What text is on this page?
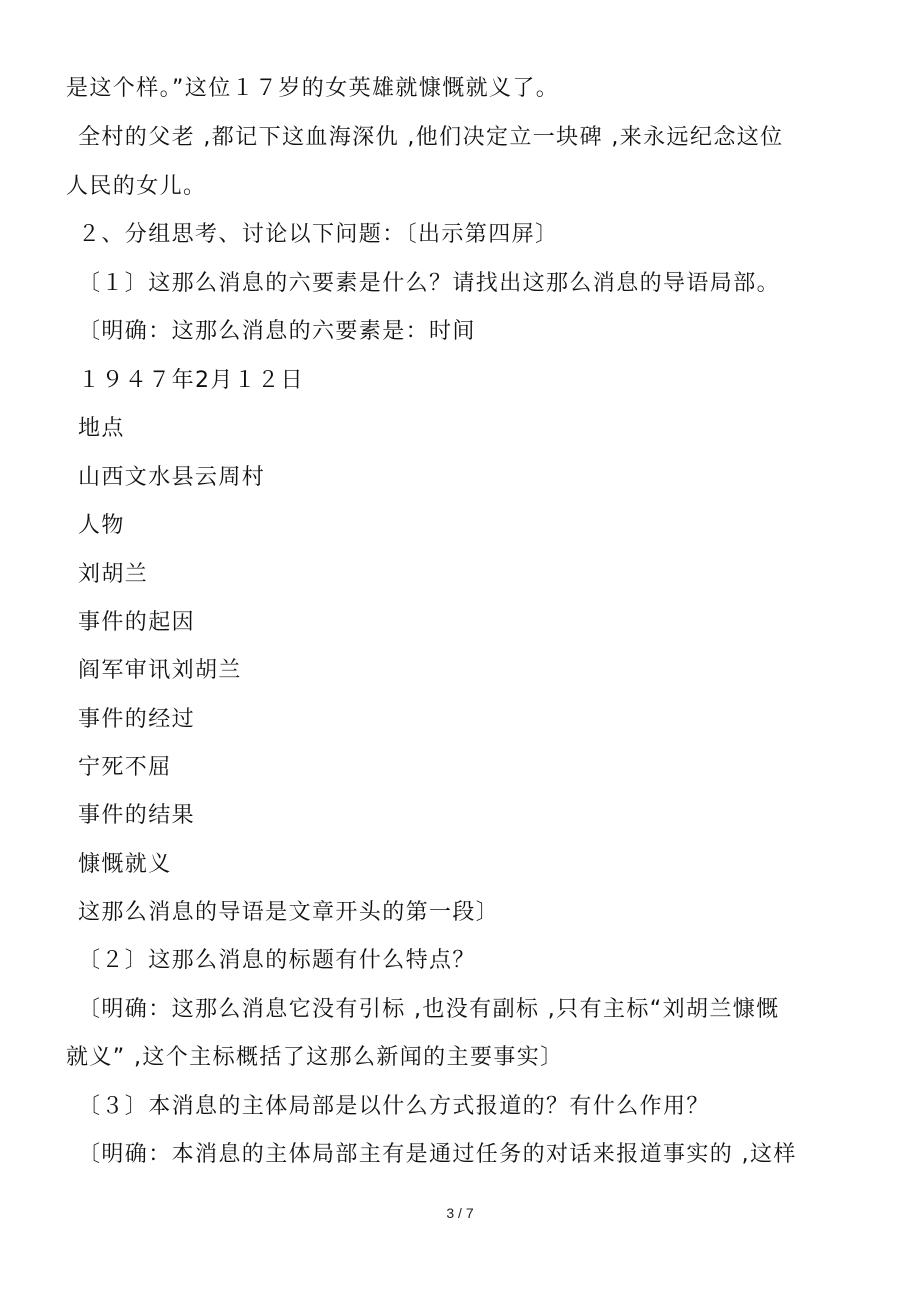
是这个样。”这位１７岁的女英雄就慷慨就义了。
全村的父老 ,都记下这血海深仇 ,他们决定立一块碑 ,来永远纪念这位
人民的女儿。
２、分组思考、讨论以下问题：〔出示第四屏〕
〔１〕这那么消息的六要素是什么？请找出这那么消息的导语局部。
〔明确：这那么消息的六要素是：时间
１９４７年2月１２日
地点
山西文水县云周村
人物
刘胡兰
事件的起因
阎军审讯刘胡兰
事件的经过
宁死不屈
事件的结果
慷慨就义
这那么消息的导语是文章开头的第一段〕
〔２〕这那么消息的标题有什么特点？
〔明确：这那么消息它没有引标 ,也没有副标 ,只有主标“刘胡兰慷慨
就义” ,这个主标概括了这那么新闻的主要事实〕
〔３〕本消息的主体局部是以什么方式报道的？有什么作用？
〔明确：本消息的主体局部主有是通过任务的对话来报道事实的 ,这样
3 / 7
